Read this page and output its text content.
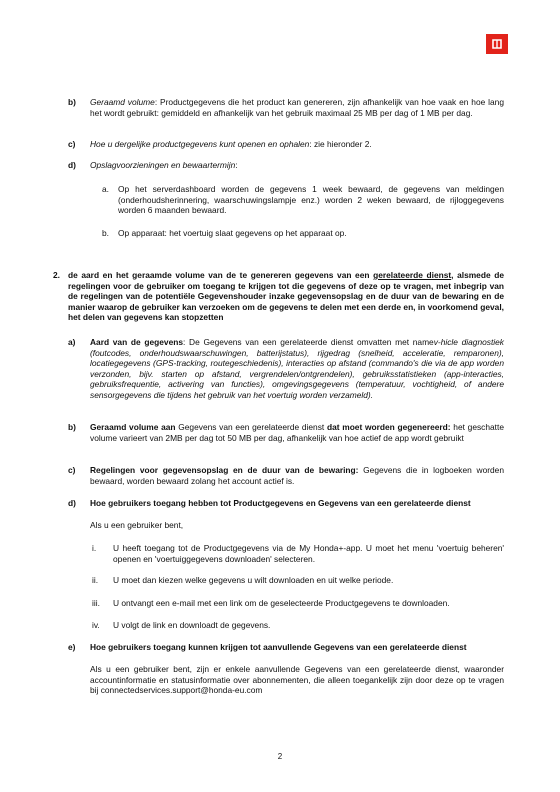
b) Geraamd volume: Productgegevens die het product kan genereren, zijn afhankelijk van hoe vaak en hoe lang het wordt gebruikt: gemiddeld en afhankelijk van het gebruik maximaal 25 MB per dag of 1 MB per dag.

c) Hoe u dergelijke productgegevens kunt openen en ophalen: zie hieronder 2.

d) Opslagvoorzieningen en bewaartermijn:

a. Op het serverdashboard worden de gegevens 1 week bewaard, de gegevens van meldingen (onderhoudsherinnering, waarschuwingslampje enz.) worden 2 weken bewaard, de rijloggegevens worden 6 maanden bewaard.

b. Op apparaat: het voertuig slaat gegevens op het apparaat op.

2. de aard en het geraamde volume van de te genereren gegevens van een gerelateerde dienst, alsmede de regelingen voor de gebruiker om toegang te krijgen tot die gegevens of deze op te vragen, met inbegrip van de regelingen van de potentiële Gegevenshouder inzake gegevensopslag en de duur van de bewaring en de manier waarop de gebruiker kan verzoeken om de gegevens te delen met een derde en, in voorkomend geval, het delen van gegevens kan stopzetten

a) Aard van de gegevens: De Gegevens van een gerelateerde dienst omvatten met namev-hicle diagnostiek (foutcodes, onderhoudswaarschuwingen, batterijstatus), rijgedrag (snelheid, acceleratie, remparonen), locatiegegevens (GPS-tracking, routegeschiedenis), interacties op afstand (commando's die via de app worden verzonden, bijv. starten op afstand, vergrendelen/ontgrendelen), gebruiksstatistieken (app-interacties, gebruiksfrequentie, activering van functies), omgevingsgegevens (temperatuur, vochtigheid, of andere sensorgegevens die tijdens het gebruik van het voertuig worden verzameld).

b) Geraamd volume aan Gegevens van een gerelateerde dienst dat moet worden gegenereerd: het geschatte volume varieert van 2MB per dag tot 50 MB per dag, afhankelijk van hoe actief de app wordt gebruikt

c) Regelingen voor gegevensopslag en de duur van de bewaring: Gegevens die in logboeken worden bewaard, worden bewaard zolang het account actief is.

d) Hoe gebruikers toegang hebben tot Productgegevens en Gegevens van een gerelateerde dienst

Als u een gebruiker bent,

i. U heeft toegang tot de Productgegevens via de My Honda+-app. U moet het menu 'voertuig beheren' openen en 'voertuiggegevens downloaden' selecteren.

ii. U moet dan kiezen welke gegevens u wilt downloaden en uit welke periode.

iii. U ontvangt een e-mail met een link om de geselecteerde Productgegevens te downloaden.

iv. U volgt de link en downloadt de gegevens.

e) Hoe gebruikers toegang kunnen krijgen tot aanvullende Gegevens van een gerelateerde dienst

Als u een gebruiker bent, zijn er enkele aanvullende Gegevens van een gerelateerde dienst, waaronder accountinformatie en statusinformatie over abonnementen, die alleen toegankelijk zijn door deze op te vragen bij connectedservices.support@honda-eu.com

2
